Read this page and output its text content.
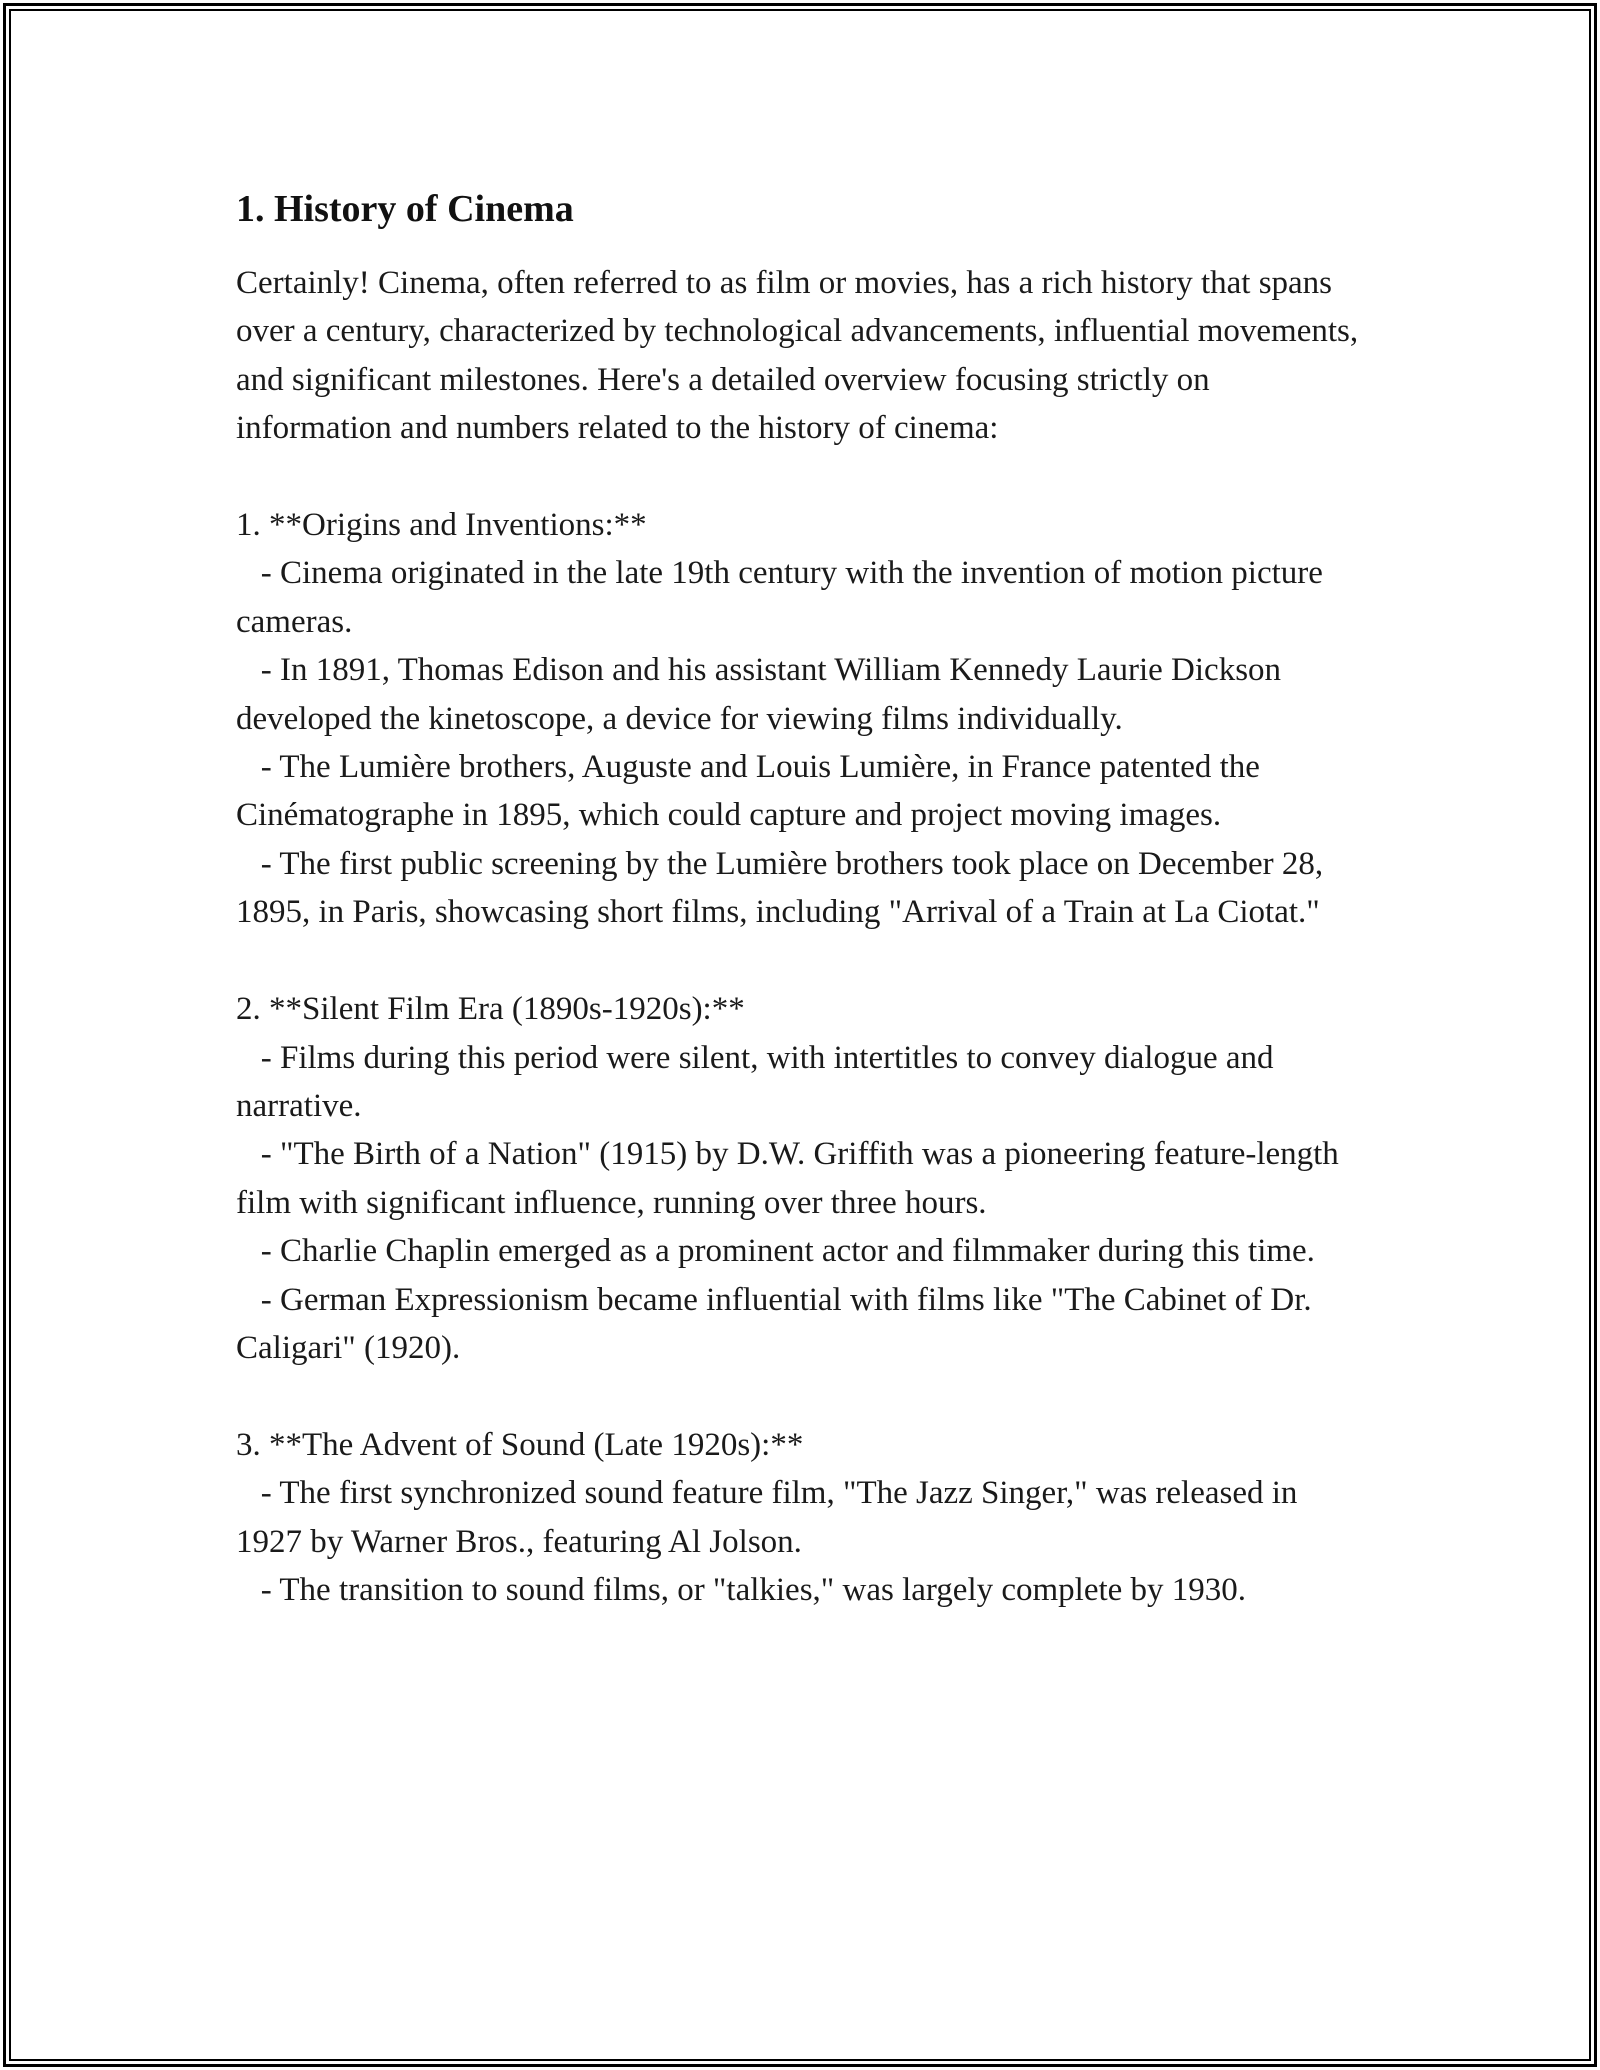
1. History of Cinema

Certainly! Cinema, often referred to as film or movies, has a rich history that spans over a century, characterized by technological advancements, influential movements, and significant milestones. Here's a detailed overview focusing strictly on information and numbers related to the history of cinema:

1. **Origins and Inventions:**
- Cinema originated in the late 19th century with the invention of motion picture cameras.
- In 1891, Thomas Edison and his assistant William Kennedy Laurie Dickson developed the kinetoscope, a device for viewing films individually.
- The Lumière brothers, Auguste and Louis Lumière, in France patented the Cinématographe in 1895, which could capture and project moving images.
- The first public screening by the Lumière brothers took place on December 28, 1895, in Paris, showcasing short films, including "Arrival of a Train at La Ciotat."

2. **Silent Film Era (1890s-1920s):**
- Films during this period were silent, with intertitles to convey dialogue and narrative.
- "The Birth of a Nation" (1915) by D.W. Griffith was a pioneering feature-length film with significant influence, running over three hours.
- Charlie Chaplin emerged as a prominent actor and filmmaker during this time.
- German Expressionism became influential with films like "The Cabinet of Dr. Caligari" (1920).

3. **The Advent of Sound (Late 1920s):**
- The first synchronized sound feature film, "The Jazz Singer," was released in 1927 by Warner Bros., featuring Al Jolson.
- The transition to sound films, or "talkies," was largely complete by 1930.
